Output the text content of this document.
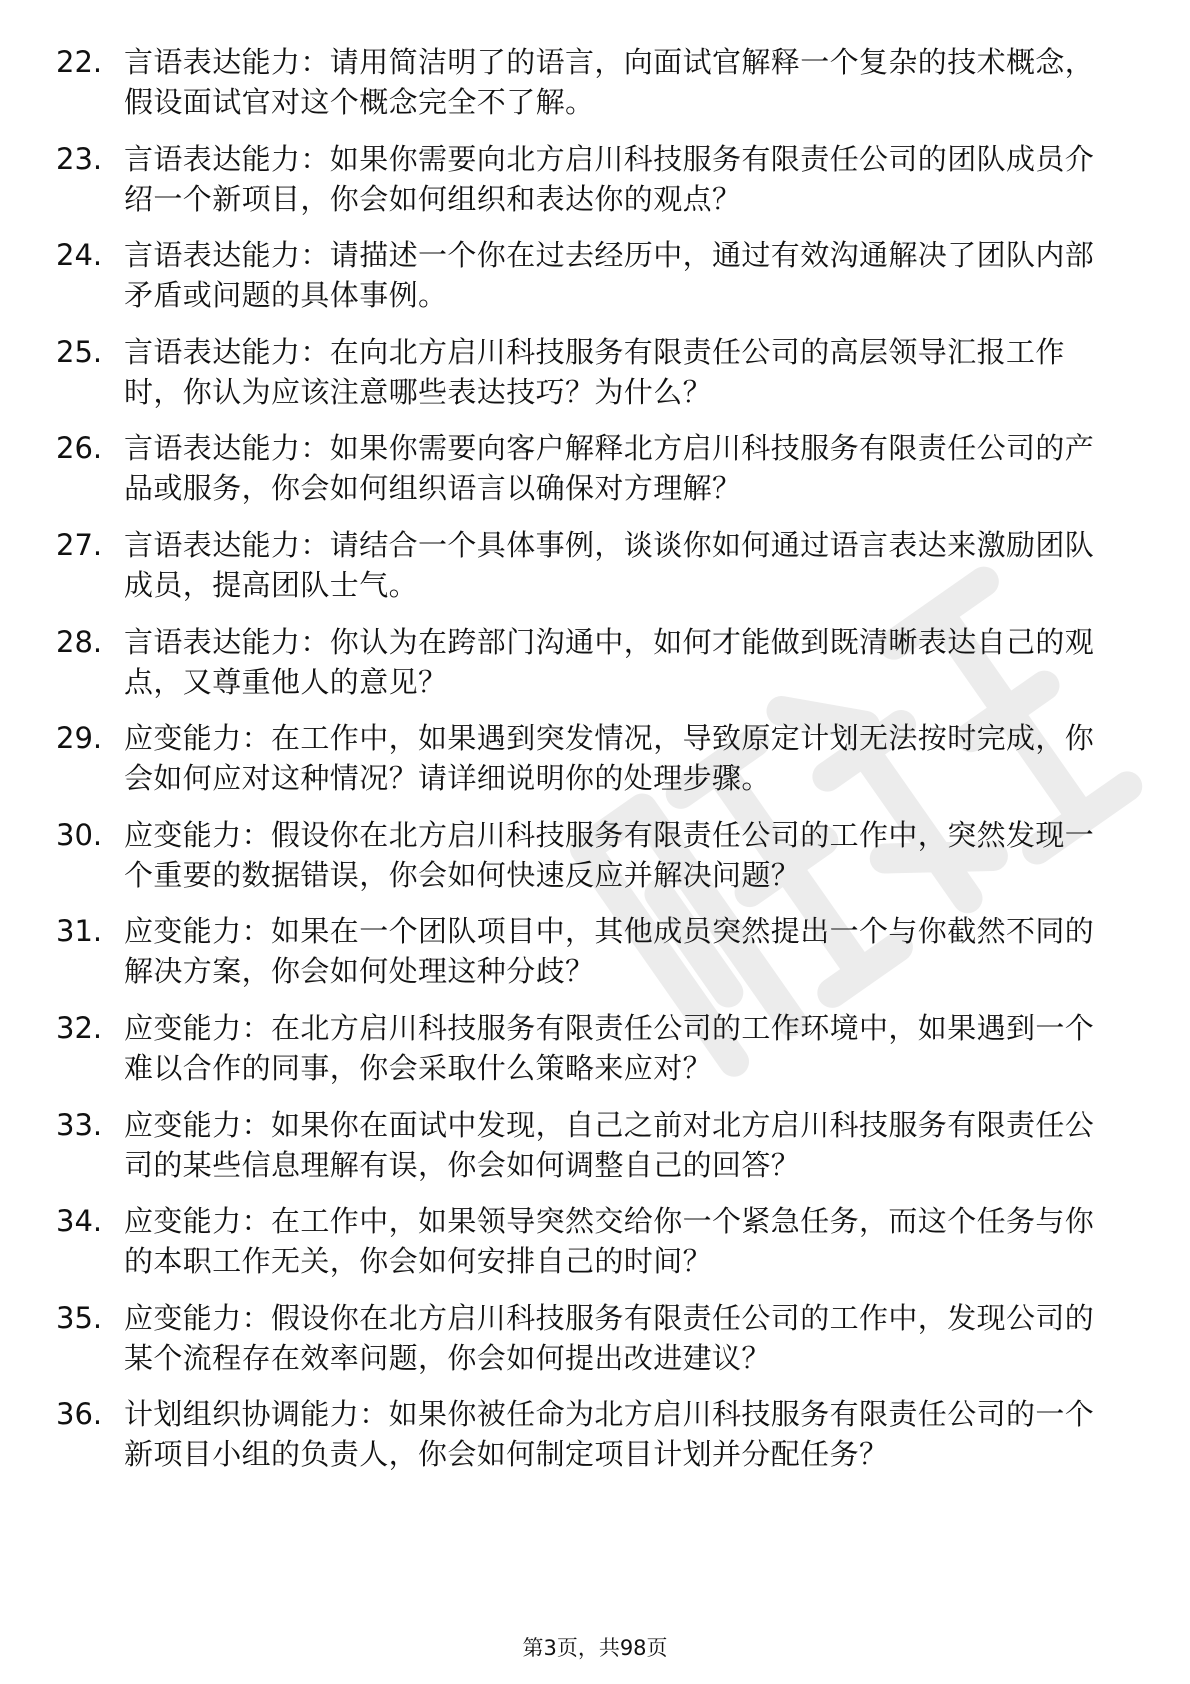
22. 言语表达能力：请用简洁明了的语言，向面试官解释一个复杂的技术概念，假设面试官对这个概念完全不了解。
23. 言语表达能力：如果你需要向北方启川科技服务有限责任公司的团队成员介绍一个新项目，你会如何组织和表达你的观点？
24. 言语表达能力：请描述一个你在过去经历中，通过有效沟通解决了团队内部矛盾或问题的具体事例。
25. 言语表达能力：在向北方启川科技服务有限责任公司的高层领导汇报工作时，你认为应该注意哪些表达技巧？为什么？
26. 言语表达能力：如果你需要向客户解释北方启川科技服务有限责任公司的产品或服务，你会如何组织语言以确保对方理解？
27. 言语表达能力：请结合一个具体事例，谈谈你如何通过语言表达来激励团队成员，提高团队士气。
28. 言语表达能力：你认为在跨部门沟通中，如何才能做到既清晰表达自己的观点，又尊重他人的意见？
29. 应变能力：在工作中，如果遇到突发情况，导致原定计划无法按时完成，你会如何应对这种情况？请详细说明你的处理步骤。
30. 应变能力：假设你在北方启川科技服务有限责任公司的工作中，突然发现一个重要的数据错误，你会如何快速反应并解决问题？
31. 应变能力：如果在一个团队项目中，其他成员突然提出一个与你截然不同的解决方案，你会如何处理这种分歧？
32. 应变能力：在北方启川科技服务有限责任公司的工作环境中，如果遇到一个难以合作的同事，你会采取什么策略来应对？
33. 应变能力：如果你在面试中发现，自己之前对北方启川科技服务有限责任公司的某些信息理解有误，你会如何调整自己的回答？
34. 应变能力：在工作中，如果领导突然交给你一个紧急任务，而这个任务与你的本职工作无关，你会如何安排自己的时间？
35. 应变能力：假设你在北方启川科技服务有限责任公司的工作中，发现公司的某个流程存在效率问题，你会如何提出改进建议？
36. 计划组织协调能力：如果你被任命为北方启川科技服务有限责任公司的一个新项目小组的负责人，你会如何制定项目计划并分配任务？
第3页，共98页
